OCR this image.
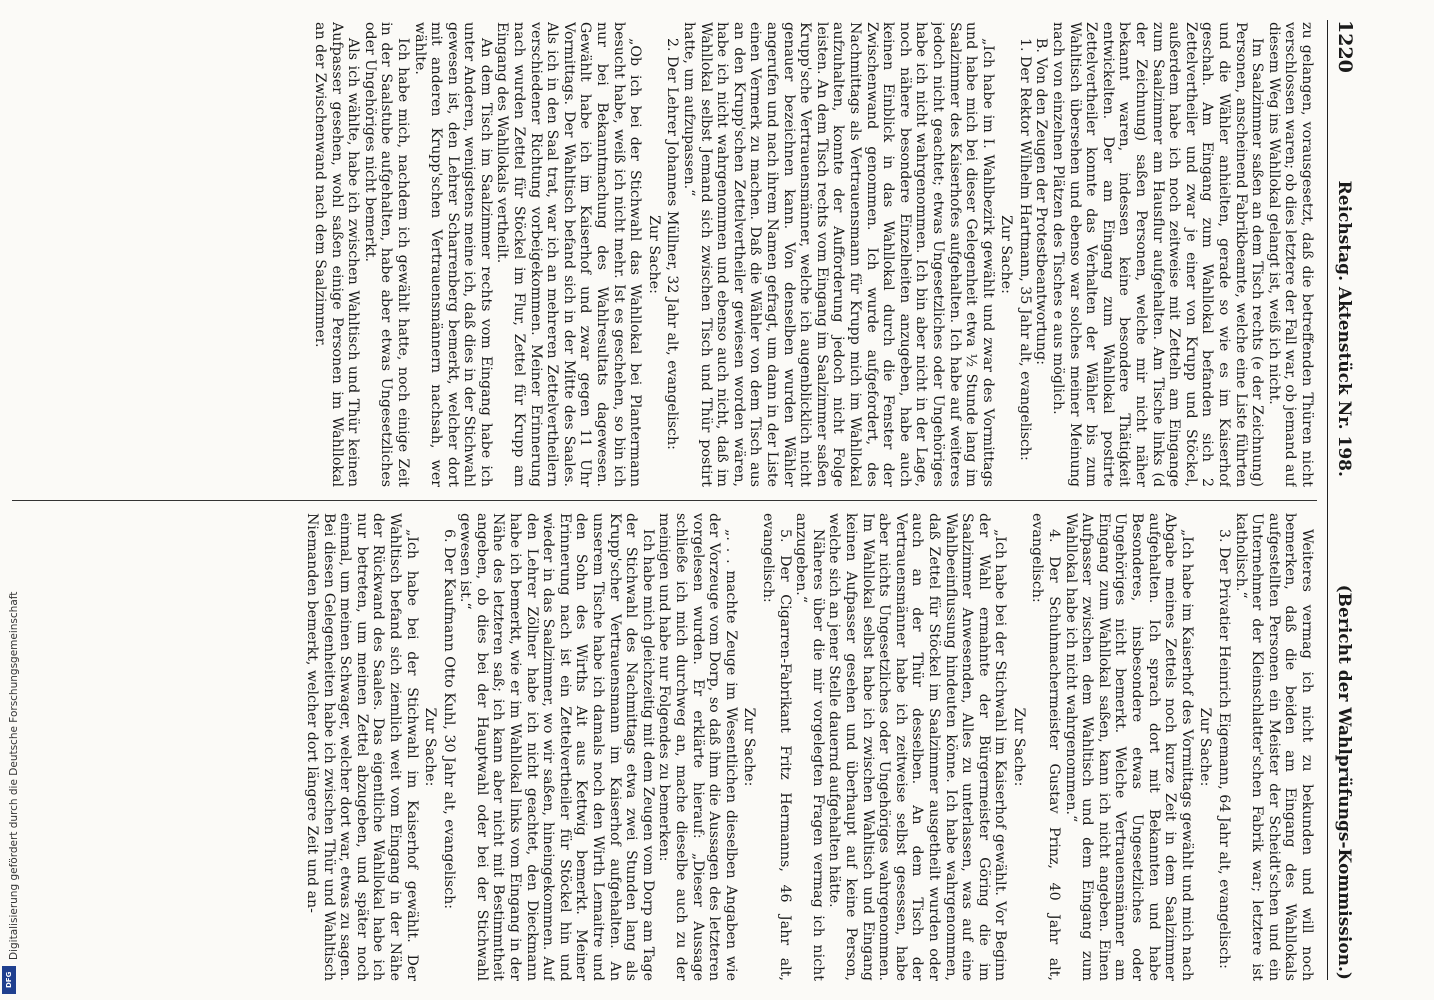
1220
Reichstag. Aktenstück Nr. 198.
(Bericht der Wahlprüfungs-Kommission.)

zu gelangen, vorausgesetzt, daß die betreffenden Thüren nicht verschlossen waren; ob dies letztere der Fall war, ob jemand auf diesem Weg ins Wahllokal gelangt ist, weiß ich nicht.

Im Saalzimmer saßen an dem Tisch rechts (e der Zeichnung) Personen, anscheinend Fabrikbeamte, welche eine Liste führten und die Wähler anhielten, gerade so wie es im Kaiserhof geschah. Am Eingang zum Wahllokal befanden sich 2 Zettelvertheiler und zwar je einer von Krupp und Stöckel, außerdem habe ich noch zeitweise mit Zetteln am Eingange zum Saalzimmer am Hausflur aufgehalten. Am Tische links (d der Zeichnung) saßen Personen, welche mir nicht näher bekannt waren, indessen keine besondere Thätigkeit entwickelten. Der am Eingang zum Wahllokal postirte Zettelvertheiler konnte das Verhalten der Wähler bis zum Wahltisch übersehen und ebenso war solches meiner Meinung nach von einzelnen Plätzen des Tisches e aus möglich.

B. Von den Zeugen der Protestbeantwortung:

1. Der Rektor Wilhelm Hartmann, 35 Jahr alt, evangelisch:

Zur Sache:

„Ich habe im I. Wahlbezirk gewählt und zwar des Vormittags und habe mich bei dieser Gelegenheit etwa ½ Stunde lang im Saalzimmer des Kaiserhofes aufgehalten. Ich habe auf weiteres jedoch nicht geachtet; etwas Ungesetzliches oder Ungehöriges habe ich nicht wahrgenommen. Ich bin aber nicht in der Lage, noch nähere besondere Einzelheiten anzugeben, habe auch keinen Einblick in das Wahllokal durch die Fenster der Zwischenwand genommen. Ich wurde aufgefordert, des Nachmittags als Vertrauensmann für Krupp mich im Wahllokal aufzuhalten, konnte der Aufforderung jedoch nicht Folge leisten. An dem Tisch rechts vom Eingang im Saalzimmer saßen Krupp'sche Vertrauensmänner, welche ich augenblicklich nicht genauer bezeichnen kann. Von denselben wurden Wähler angerufen und nach ihrem Namen gefragt, um dann in der Liste einen Vermerk zu machen. Daß die Wähler von dem Tisch aus an den Krupp'schen Zettelvertheiler gewiesen worden wären, habe ich nicht wahrgenommen und ebenso auch nicht, daß im Wahllokal selbst Jemand sich zwischen Tisch und Thür postirt hatte, um aufzupassen.“

2. Der Lehrer Johannes Müllner, 32 Jahr alt, evangelisch:

Zur Sache:

„Ob ich bei der Stichwahl das Wahllokal bei Plantermann besucht habe, weiß ich nicht mehr. Ist es geschehen, so bin ich nur bei Bekanntmachung des Wahlresultats dagewesen. Gewählt habe ich im Kaiserhof und zwar gegen 11 Uhr Vormittags. Der Wahltisch befand sich in der Mitte des Saales. Als ich in den Saal trat, war ich an mehreren Zettelvertheilern verschiedener Richtung vorbeigekommen. Meiner Erinnerung nach wurden Zettel für Stöckel im Flur, Zettel für Krupp am Eingang des Wahllokals vertheilt.

An dem Tisch im Saalzimmer rechts vom Eingang habe ich unter Anderen, wenigstens meine ich, daß dies in der Stichwahl gewesen ist, den Lehrer Scharrenberg bemerkt, welcher dort mit anderen Krupp'schen Vertrauensmännern nachsah, wer wählte.

Ich habe mich, nachdem ich gewählt hatte, noch einige Zeit in der Saalstube aufgehalten, habe aber etwas Ungesetzliches oder Ungehöriges nicht bemerkt.

Als ich wählte, habe ich zwischen Wahltisch und Thür keinen Aufpasser gesehen, wohl saßen einige Personen im Wahllokal an der Zwischenwand nach dem Saalzimmer.

Weiteres vermag ich nicht zu bekunden und will noch bemerken, daß die beiden am Eingang des Wahllokals aufgestellten Personen ein Meister der Scheidt'schen und ein Unternehmer der Kleinschlatter'schen Fabrik war; letztere ist katholisch.“

3. Der Privatier Heinrich Eigemann, 64 Jahr alt, evangelisch:

Zur Sache:

„Ich habe im Kaiserhof des Vormittags gewählt und mich nach Abgabe meines Zettels noch kurze Zeit in dem Saalzimmer aufgehalten. Ich sprach dort mit Bekannten und habe Besonderes, insbesondere etwas Ungesetzliches oder Ungehöriges nicht bemerkt. Welche Vertrauensmänner am Eingang zum Wahllokal saßen, kann ich nicht angeben. Einen Aufpasser zwischen dem Wahltisch und dem Eingang zum Wahllokal habe ich nicht wahrgenommen.“

4. Der Schuhmachermeister Gustav Prinz, 40 Jahr alt, evangelisch:

Zur Sache:

„Ich habe bei der Stichwahl im Kaiserhof gewählt. Vor Beginn der Wahl ermahnte der Bürgermeister Göring die im Saalzimmer Anwesenden, Alles zu unterlassen, was auf eine Wahlbeeinflussung hindeuten könne. Ich habe wahrgenommen, daß Zettel für Stöckel im Saalzimmer ausgetheilt wurden oder auch an der Thür desselben. An dem Tisch der Vertrauensmänner habe ich zeitweise selbst gesessen, habe aber nichts Ungesetzliches oder Ungehöriges wahrgenommen. Im Wahllokal selbst habe ich zwischen Wahltisch und Eingang keinen Aufpasser gesehen und überhaupt auf keine Person, welche sich an jener Stelle dauernd aufgehalten hätte.

Näheres über die mir vorgelegten Fragen vermag ich nicht anzugeben.“

5. Der Cigarren-Fabrikant Fritz Hermanns, 46 Jahr alt, evangelisch:

Zur Sache:

„. . . machte Zeuge im Wesentlichen dieselben Angaben wie der Vorzeuge vom Dorp, so daß ihm die Aussagen des letzteren vorgelesen wurden. Er erklärte hierauf: „Dieser Aussage schließe ich mich durchweg an, mache dieselbe auch zu der meinigen und habe nur Folgendes zu bemerken:

Ich habe mich gleichzeitig mit dem Zeugen vom Dorp am Tage der Stichwahl des Nachmittags etwa zwei Stunden lang als Krupp'scher Vertrauensmann im Kaiserhof aufgehalten. An unserem Tische habe ich damals noch den Wirth Lemaitre und den Sohn des Wirths Ait aus Kettwig bemerkt. Meiner Erinnerung nach ist ein Zettelvertheiler für Stöckel hin und wieder in das Saalzimmer, wo wir saßen, hineingekommen. Auf den Lehrer Zöllner habe ich nicht geachtet, den Dieckmann habe ich bemerkt, wie er im Wahllokal links vom Eingang in der Nähe des letzteren saß; ich kann aber nicht mit Bestimmtheit angeben, ob dies bei der Hauptwahl oder bei der Stichwahl gewesen ist.“

6. Der Kaufmann Otto Kuhl, 30 Jahr alt, evangelisch:

Zur Sache:

„Ich habe bei der Stichwahl im Kaiserhof gewählt. Der Wahltisch befand sich ziemlich weit vom Eingang in der Nähe der Rückwand des Saales. Das eigentliche Wahllokal habe ich nur betreten, um meinen Zettel abzugeben, und später noch einmal, um meinen Schwager, welcher dort war, etwas zu sagen. Bei diesen Gelegenheiten habe ich zwischen Thür und Wahltisch Niemanden bemerkt, welcher dort längere Zeit und an-

Digitalisierung gefördert durch die Deutsche Forschungsgemeinschaft
DFG
